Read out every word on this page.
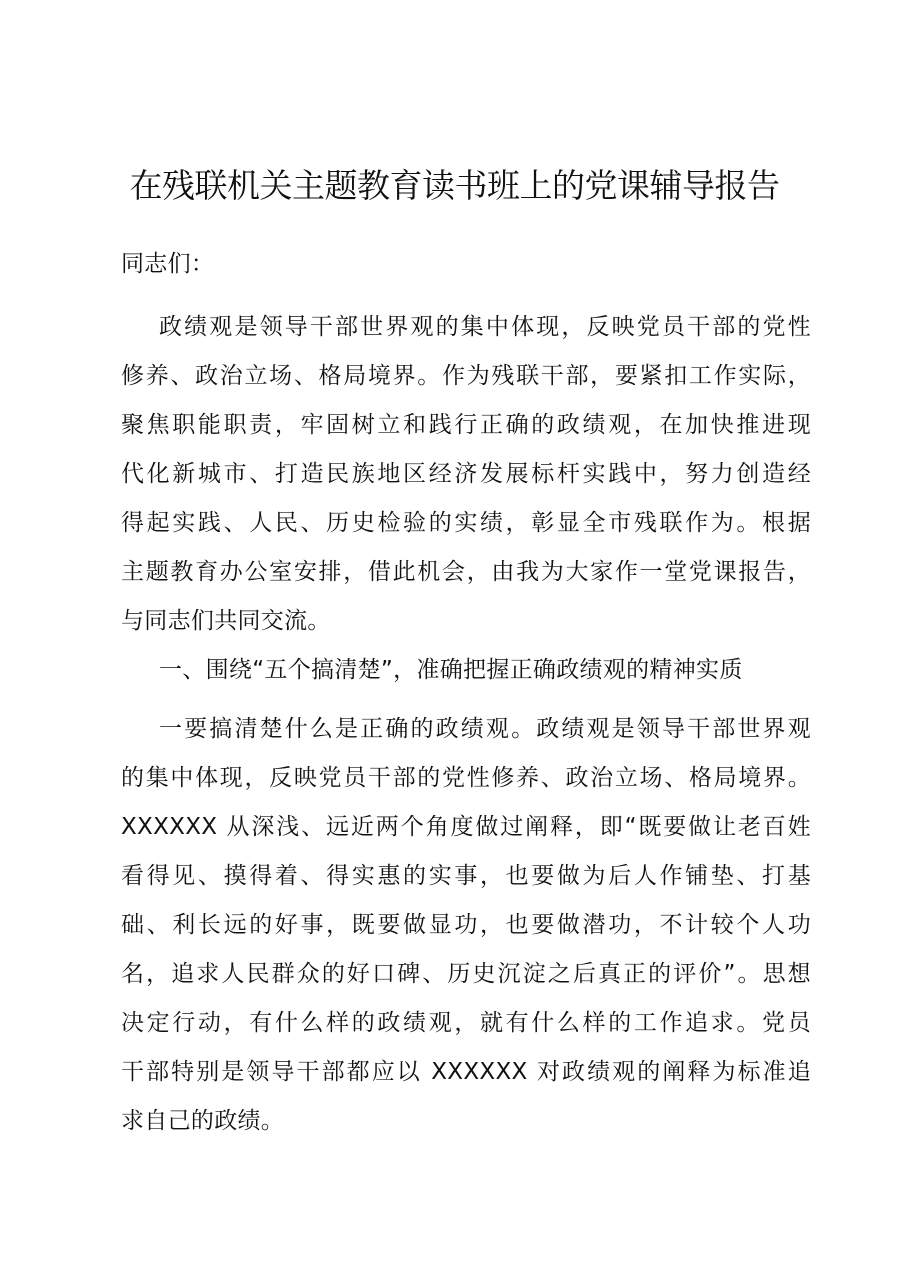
在残联机关主题教育读书班上的党课辅导报告
同志们：
政绩观是领导干部世界观的集中体现，反映党员干部的党性
修养、政治立场、格局境界。作为残联干部，要紧扣工作实际，
聚焦职能职责，牢固树立和践行正确的政绩观，在加快推进现
代化新城市、打造民族地区经济发展标杆实践中，努力创造经
得起实践、人民、历史检验的实绩，彰显全市残联作为。根据
主题教育办公室安排，借此机会，由我为大家作一堂党课报告，
与同志们共同交流。
一、围绕“五个搞清楚”，准确把握正确政绩观的精神实质
一要搞清楚什么是正确的政绩观。政绩观是领导干部世界观
的集中体现，反映党员干部的党性修养、政治立场、格局境界。
XXXXXX 从深浅、远近两个角度做过阐释，即“既要做让老百姓
看得见、摸得着、得实惠的实事，也要做为后人作铺垫、打基
础、利长远的好事，既要做显功，也要做潜功，不计较个人功
名，追求人民群众的好口碑、历史沉淀之后真正的评价”。思想
决定行动，有什么样的政绩观，就有什么样的工作追求。党员
干部特别是领导干部都应以 XXXXXX 对政绩观的阐释为标准追
求自己的政绩。
